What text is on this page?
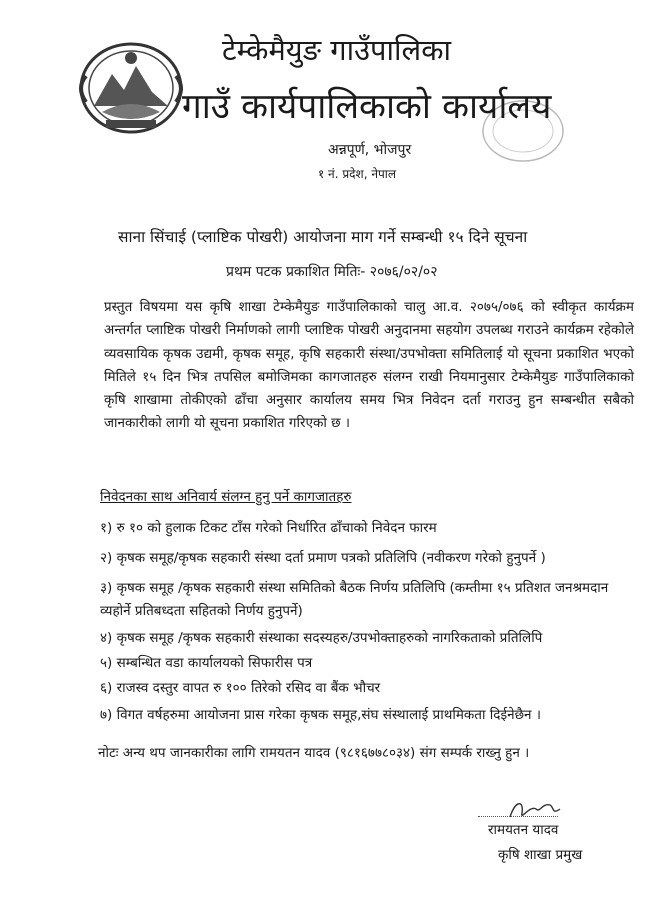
टेम्केमैयुङ गाउँपालिका
गाउँ कार्यपालिकाको कार्यालय
अन्नपूर्ण, भोजपुर
१ नं. प्रदेश, नेपाल
साना सिंचाई (प्लाष्टिक पोखरी) आयोजना माग गर्ने सम्बन्धी १५ दिने सूचना
प्रथम पटक प्रकाशित मितिः- २०७६/०२/०२
प्रस्तुत विषयमा यस कृषि शाखा टेम्केमैयुङ गाउँपालिकाको चालु आ.व. २०७५/०७६ को स्वीकृत कार्यक्रम अन्तर्गत प्लाष्टिक पोखरी निर्माणको लागी प्लाष्टिक पोखरी अनुदानमा सहयोग उपलब्ध गराउने कार्यक्रम रहेकोले व्यवसायिक कृषक उद्यमी, कृषक समूह, कृषि सहकारी संस्था/उपभोक्ता समितिलाई यो सूचना प्रकाशित भएको मितिले १५ दिन भित्र तपसिल बमोजिमका कागजातहरु संलग्न राखी नियमानुसार टेम्केमैयुङ गाउँपालिकाको कृषि शाखामा तोकीएको ढाँचा अनुसार कार्यालय समय भित्र निवेदन दर्ता गराउनु हुन सम्बन्धीत सबैको जानकारीको लागी यो सूचना प्रकाशित गरिएको छ ।
निवेदनका साथ अनिवार्य संलग्न हुनु पर्ने कागजातहरु
१) रु १० को हुलाक टिकट टाँस गरेको निर्धारित ढाँचाको निवेदन फारम
२) कृषक समूह/कृषक सहकारी संस्था दर्ता प्रमाण पत्रको प्रतिलिपि (नवीकरण गरेको हुनुपर्ने )
३) कृषक समूह /कृषक सहकारी संस्था समितिको बैठक निर्णय प्रतिलिपि (कम्तीमा १५ प्रतिशत जनश्रमदान व्यहोर्ने प्रतिबध्दता सहितको निर्णय हुनुपर्ने)
४) कृषक समूह /कृषक सहकारी संस्थाका सदस्यहरु/उपभोक्ताहरुको नागरिकताको प्रतिलिपि
५) सम्बन्धित वडा कार्यालयको सिफारीस पत्र
६) राजस्व दस्तुर वापत रु १०० तिरेको रसिद वा बैंक भौचर
७) विगत वर्षहरुमा आयोजना प्रास गरेका कृषक समूह,संघ संस्थालाई प्राथमिकता दिईनेछैन ।
नोटः अन्य थप जानकारीका लागि रामयतन यादव (९८१६७७८०३४) संग सम्पर्क राख्नु हुन ।
रामयतन यादव
कृषि शाखा प्रमुख
